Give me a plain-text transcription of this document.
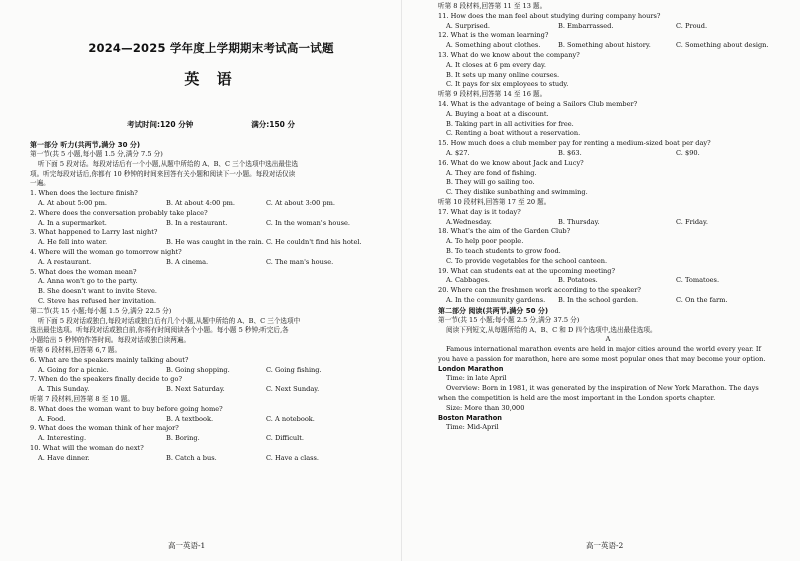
2024—2025 学年度上学期期末考试高一试题

英 语

考试时间:120 分钟	满分:150 分
第一部分 听力(共两节,满分 30 分)
第一节(共 5 小题,每小题 1.5 分,满分 7.5 分)
听下面 5 段对话。每段对话后有一个小题,从题中所给的 A、B、C 三个选项中选出最佳选
项。听完每段对话后,你都有 10 秒钟的时间来回答有关小题和阅读下一小题。每段对话仅读
一遍。
1. When does the lecture finish?
A. At about 5:00 pm.	B. At about 4:00 pm.	C. At about 3:00 pm.
2. Where does the conversation probably take place?
A. In a supermarket.	B. In a restaurant.	C. In the woman's house.
3. What happened to Larry last night?
A. He fell into water.	B. He was caught in the rain. C. He couldn't find his hotel.
4. Where will the woman go tomorrow night?
A. A restaurant.	B. A cinema.	C. The man's house.
5. What does the woman mean?
A. Anna won't go to the party.
B. She doesn't want to invite Steve.
C. Steve has refused her invitation.
第二节(共 15 小题;每小题 1.5 分,满分 22.5 分)
听下面 5 段对话或独白,每段对话或独白后有几个小题,从题中所给的 A、B、C 三个选项中
选出最佳选项。听每段对话或独白前,你将有时间阅读各个小题。每小题 5 秒钟;听完后,各
小题给出 5 秒钟的作答时间。每段对话或独白读两遍。
听第 6 段材料,回答第 6,7 题。
6. What are the speakers mainly talking about?
A. Going for a picnic.	B. Going shopping.	C. Going fishing.
7. When do the speakers finally decide to go?
A. This Sunday.	B. Next Saturday.	C. Next Sunday.
听第 7 段材料,回答第 8 至 10 题。
8. What does the woman want to buy before going home?
A. Food.	B. A textbook.	C. A notebook.
9. What does the woman think of her major?
A. Interesting.	B. Boring.	C. Difficult.
10. What will the woman do next?
A. Have dinner.	B. Catch a bus.	C. Have a class.
高一英语-1
听第 8 段材料,回答第 11 至 13 题。
11. How does the man feel about studying during company hours?
A. Surprised.	B. Embarrassed.	C. Proud.
12. What is the woman learning?
A. Something about clothes.	B. Something about history.	C. Something about design.
13. What do we know about the company?
A. It closes at 6 pm every day.
B. It sets up many online courses.
C. It pays for six employees to study.
听第 9 段材料,回答第 14 至 16 题。
14. What is the advantage of being a Sailors Club member?
A. Buying a boat at a discount.
B. Taking part in all activities for free.
C. Renting a boat without a reservation.
15. How much does a club member pay for renting a medium-sized boat per day?
A. $27.	B. $63.	C. $90.
16. What do we know about Jack and Lucy?
A. They are fond of fishing.
B. They will go sailing too.
C. They dislike sunbathing and swimming.
听第 10 段材料,回答第 17 至 20 题。
17. What day is it today?
A.Wednesday.	B. Thursday.	C. Friday.
18. What's the aim of the Garden Club?
A. To help poor people.
B. To teach students to grow food.
C. To provide vegetables for the school canteen.
19. What can students eat at the upcoming meeting?
A. Cabbages.	B. Potatoes.	C. Tomatoes.
20. Where can the freshmen work according to the speaker?
A. In the community gardens.	B. In the school garden.	C. On the farm.
第二部分 阅读(共两节,满分 50 分)
第一节(共 15 小题;每小题 2.5 分,满分 37.5 分)
阅读下列短文,从每题所给的 A、B、C 和 D 四个选项中,选出最佳选项。
A
Famous international marathon events are held in major cities around the world every year. If
you have a passion for marathon, here are some most popular ones that may become your option.
London Marathon
Time: in late April
Overview: Born in 1981, it was generated by the inspiration of New York Marathon. The days
when the competition is held are the most important in the London sports chapter.
Size: More than 30,000
Boston Marathon
Time: Mid-April
高一英语-2
